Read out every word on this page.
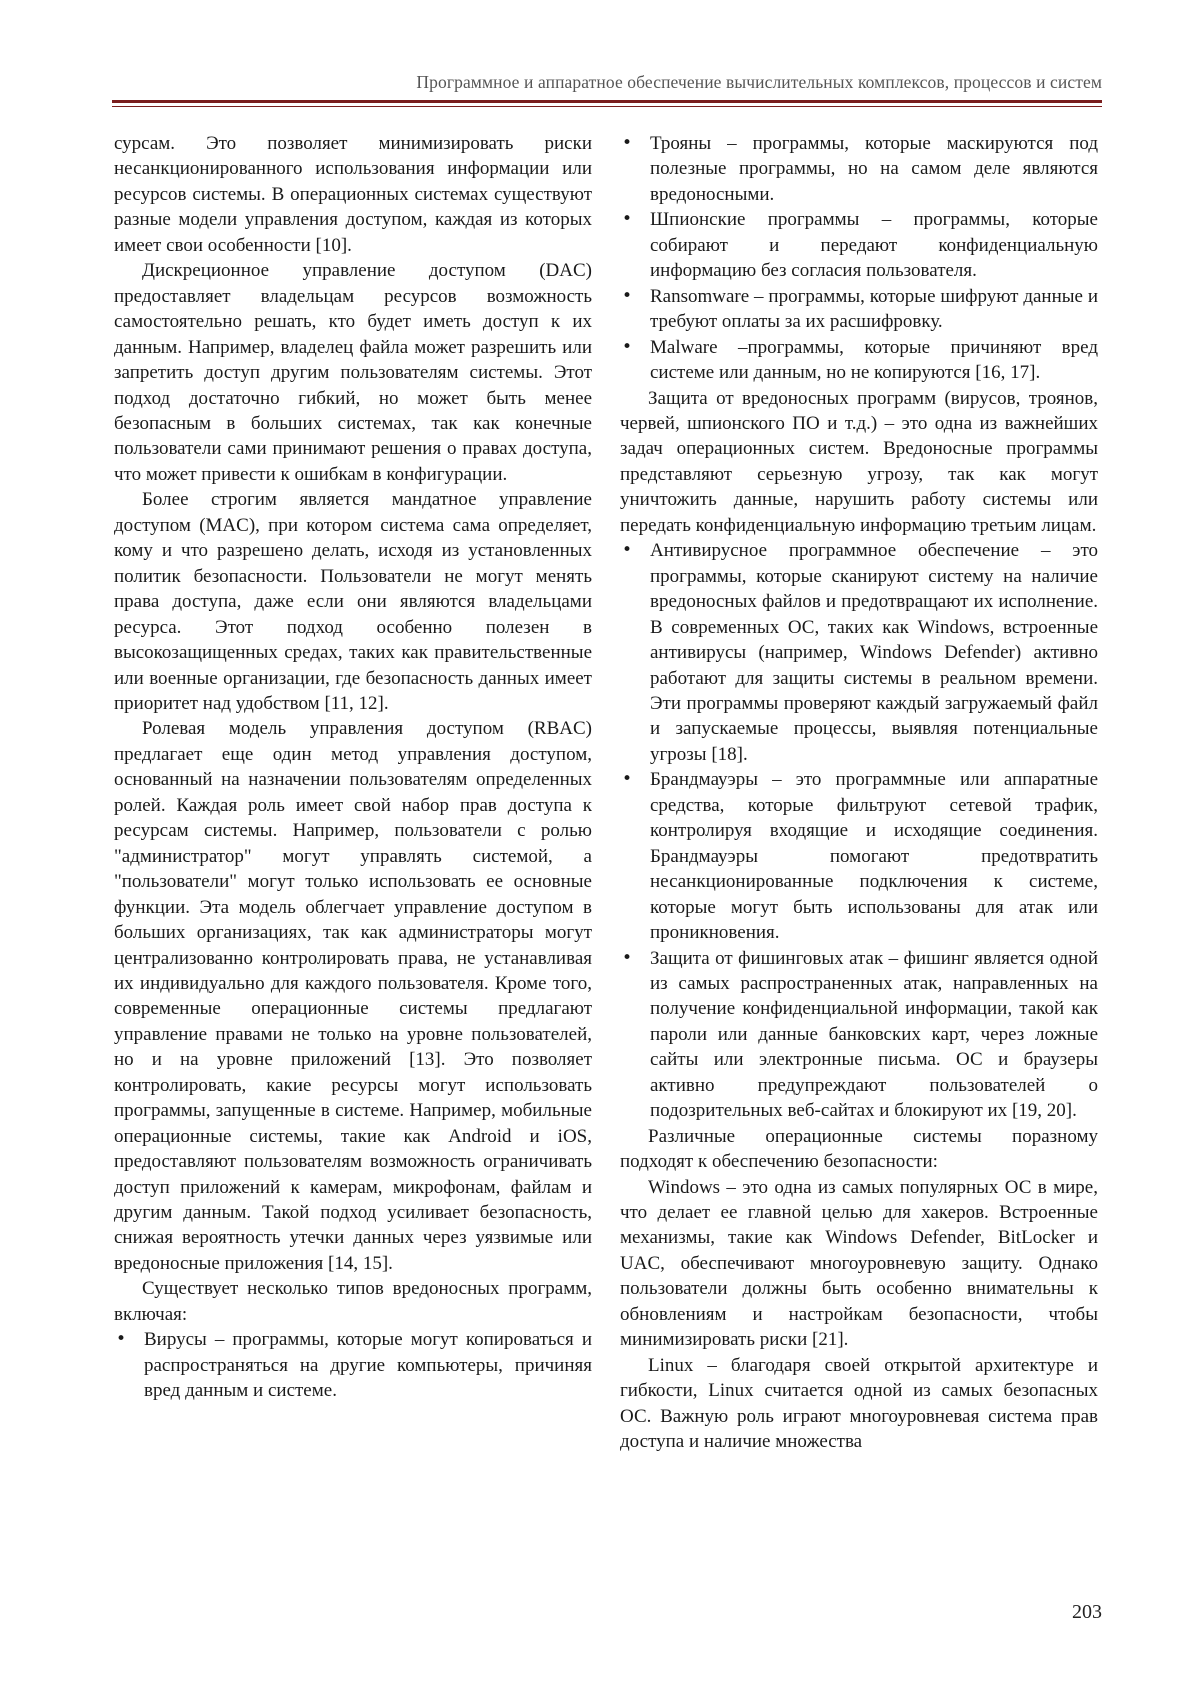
Программное и аппаратное обеспечение вычислительных комплексов, процессов и систем

сурсам. Это позволяет минимизировать риски несанкционированного использования информации или ресурсов системы. В операционных системах существуют разные модели управления доступом, каждая из которых имеет свои особенности [10].

Дискреционное управление доступом (DAC) предоставляет владельцам ресурсов возможность самостоятельно решать, кто будет иметь доступ к их данным. Например, владелец файла может разрешить или запретить доступ другим пользователям системы. Этот подход достаточно гибкий, но может быть менее безопасным в больших системах, так как конечные пользователи сами принимают решения о правах доступа, что может привести к ошибкам в конфигурации.

Более строгим является мандатное управление доступом (MAC), при котором система сама определяет, кому и что разрешено делать, исходя из установленных политик безопасности. Пользователи не могут менять права доступа, даже если они являются владельцами ресурса. Этот подход особенно полезен в высокозащищенных средах, таких как правительственные или военные организации, где безопасность данных имеет приоритет над удобством [11, 12].

Ролевая модель управления доступом (RBAC) предлагает еще один метод управления доступом, основанный на назначении пользователям определенных ролей. Каждая роль имеет свой набор прав доступа к ресурсам системы. Например, пользователи с ролью "администратор" могут управлять системой, а "пользователи" могут только использовать ее основные функции. Эта модель облегчает управление доступом в больших организациях, так как администраторы могут централизованно контролировать права, не устанавливая их индивидуально для каждого пользователя. Кроме того, современные операционные системы предлагают управление правами не только на уровне пользователей, но и на уровне приложений [13]. Это позволяет контролировать, какие ресурсы могут использовать программы, запущенные в системе. Например, мобильные операционные системы, такие как Android и iOS, предоставляют пользователям возможность ограничивать доступ приложений к камерам, микрофонам, файлам и другим данным. Такой подход усиливает безопасность, снижая вероятность утечки данных через уязвимые или вредоносные приложения [14, 15].

Существует несколько типов вредоносных программ, включая:

• Вирусы – программы, которые могут копироваться и распространяться на другие компьютеры, причиняя вред данным и системе.
• Трояны – программы, которые маскируются под полезные программы, но на самом деле являются вредоносными.
• Шпионские программы – программы, которые собирают и передают конфиденциальную информацию без согласия пользователя.
• Ransomware – программы, которые шифруют данные и требуют оплаты за их расшифровку.
• Malware –программы, которые причиняют вред системе или данным, но не копируются [16, 17].

Защита от вредоносных программ (вирусов, троянов, червей, шпионского ПО и т.д.) – это одна из важнейших задач операционных систем. Вредоносные программы представляют серьезную угрозу, так как могут уничтожить данные, нарушить работу системы или передать конфиденциальную информацию третьим лицам.

• Антивирусное программное обеспечение – это программы, которые сканируют систему на наличие вредоносных файлов и предотвращают их исполнение. В современных ОС, таких как Windows, встроенные антивирусы (например, Windows Defender) активно работают для защиты системы в реальном времени. Эти программы проверяют каждый загружаемый файл и запускаемые процессы, выявляя потенциальные угрозы [18].
• Брандмауэры – это программные или аппаратные средства, которые фильтруют сетевой трафик, контролируя входящие и исходящие соединения. Брандмауэры помогают предотвратить несанкционированные подключения к системе, которые могут быть использованы для атак или проникновения.
• Защита от фишинговых атак – фишинг является одной из самых распространенных атак, направленных на получение конфиденциальной информации, такой как пароли или данные банковских карт, через ложные сайты или электронные письма. ОС и браузеры активно предупреждают пользователей о подозрительных веб-сайтах и блокируют их [19, 20].

Различные операционные системы поразному подходят к обеспечению безопасности:

Windows – это одна из самых популярных ОС в мире, что делает ее главной целью для хакеров. Встроенные механизмы, такие как Windows Defender, BitLocker и UAC, обеспечивают многоуровневую защиту. Однако пользователи должны быть особенно внимательны к обновлениям и настройкам безопасности, чтобы минимизировать риски [21].

Linux – благодаря своей открытой архитектуре и гибкости, Linux считается одной из самых безопасных ОС. Важную роль играют многоуровневая система прав доступа и наличие множества

203
